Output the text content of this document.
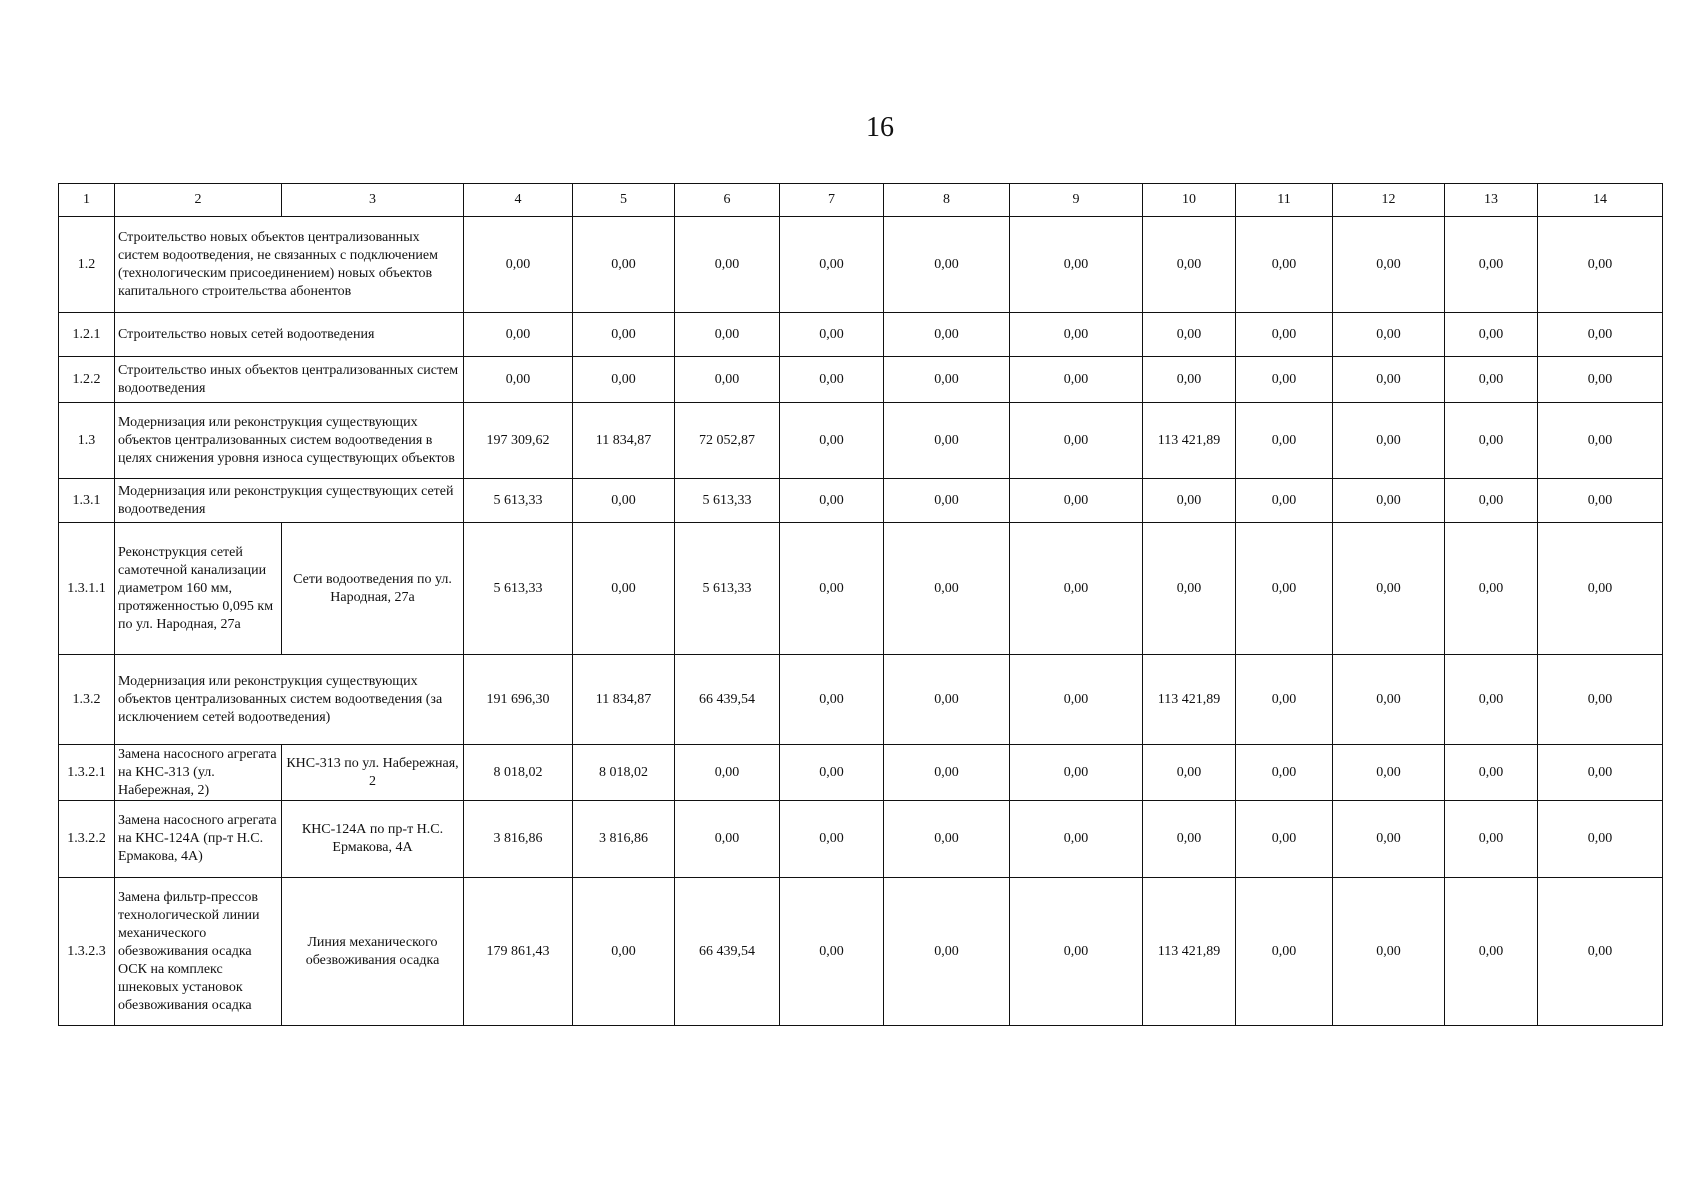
16
1	2	3	4	5	6	7	8	9	10	11	12	13	14
1.2	Строительство новых объектов централизованных систем водоотведения, не связанных с подключением (технологическим присоединением) новых объектов капитального строительства абонентов		0,00	0,00	0,00	0,00	0,00	0,00	0,00	0,00	0,00	0,00	0,00
1.2.1	Строительство новых сетей водоотведения		0,00	0,00	0,00	0,00	0,00	0,00	0,00	0,00	0,00	0,00	0,00
1.2.2	Строительство иных объектов централизованных систем водоотведения		0,00	0,00	0,00	0,00	0,00	0,00	0,00	0,00	0,00	0,00	0,00
1.3	Модернизация или реконструкция существующих объектов централизованных систем водоотведения в целях снижения уровня износа существующих объектов		197 309,62	11 834,87	72 052,87	0,00	0,00	0,00	113 421,89	0,00	0,00	0,00	0,00
1.3.1	Модернизация или реконструкция существующих сетей водоотведения		5 613,33	0,00	5 613,33	0,00	0,00	0,00	0,00	0,00	0,00	0,00	0,00
1.3.1.1	Реконструкция сетей самотечной канализации диаметром 160 мм, протяженностью 0,095 км по ул. Народная, 27а	Сети водоотведения по ул. Народная, 27а	5 613,33	0,00	5 613,33	0,00	0,00	0,00	0,00	0,00	0,00	0,00	0,00
1.3.2	Модернизация или реконструкция существующих объектов централизованных систем водоотведения (за исключением сетей водоотведения)		191 696,30	11 834,87	66 439,54	0,00	0,00	0,00	113 421,89	0,00	0,00	0,00	0,00
1.3.2.1	Замена насосного агрегата на КНС-313 (ул. Набережная, 2)	КНС-313 по ул. Набережная, 2	8 018,02	8 018,02	0,00	0,00	0,00	0,00	0,00	0,00	0,00	0,00	0,00
1.3.2.2	Замена насосного агрегата на КНС-124А (пр-т Н.С. Ермакова, 4А)	КНС-124А по пр-т Н.С. Ермакова, 4А	3 816,86	3 816,86	0,00	0,00	0,00	0,00	0,00	0,00	0,00	0,00	0,00
1.3.2.3	Замена фильтр-прессов технологической линии механического обезвоживания осадка ОСК на комплекс шнековых установок обезвоживания осадка	Линия механического обезвоживания осадка	179 861,43	0,00	66 439,54	0,00	0,00	0,00	113 421,89	0,00	0,00	0,00	0,00
